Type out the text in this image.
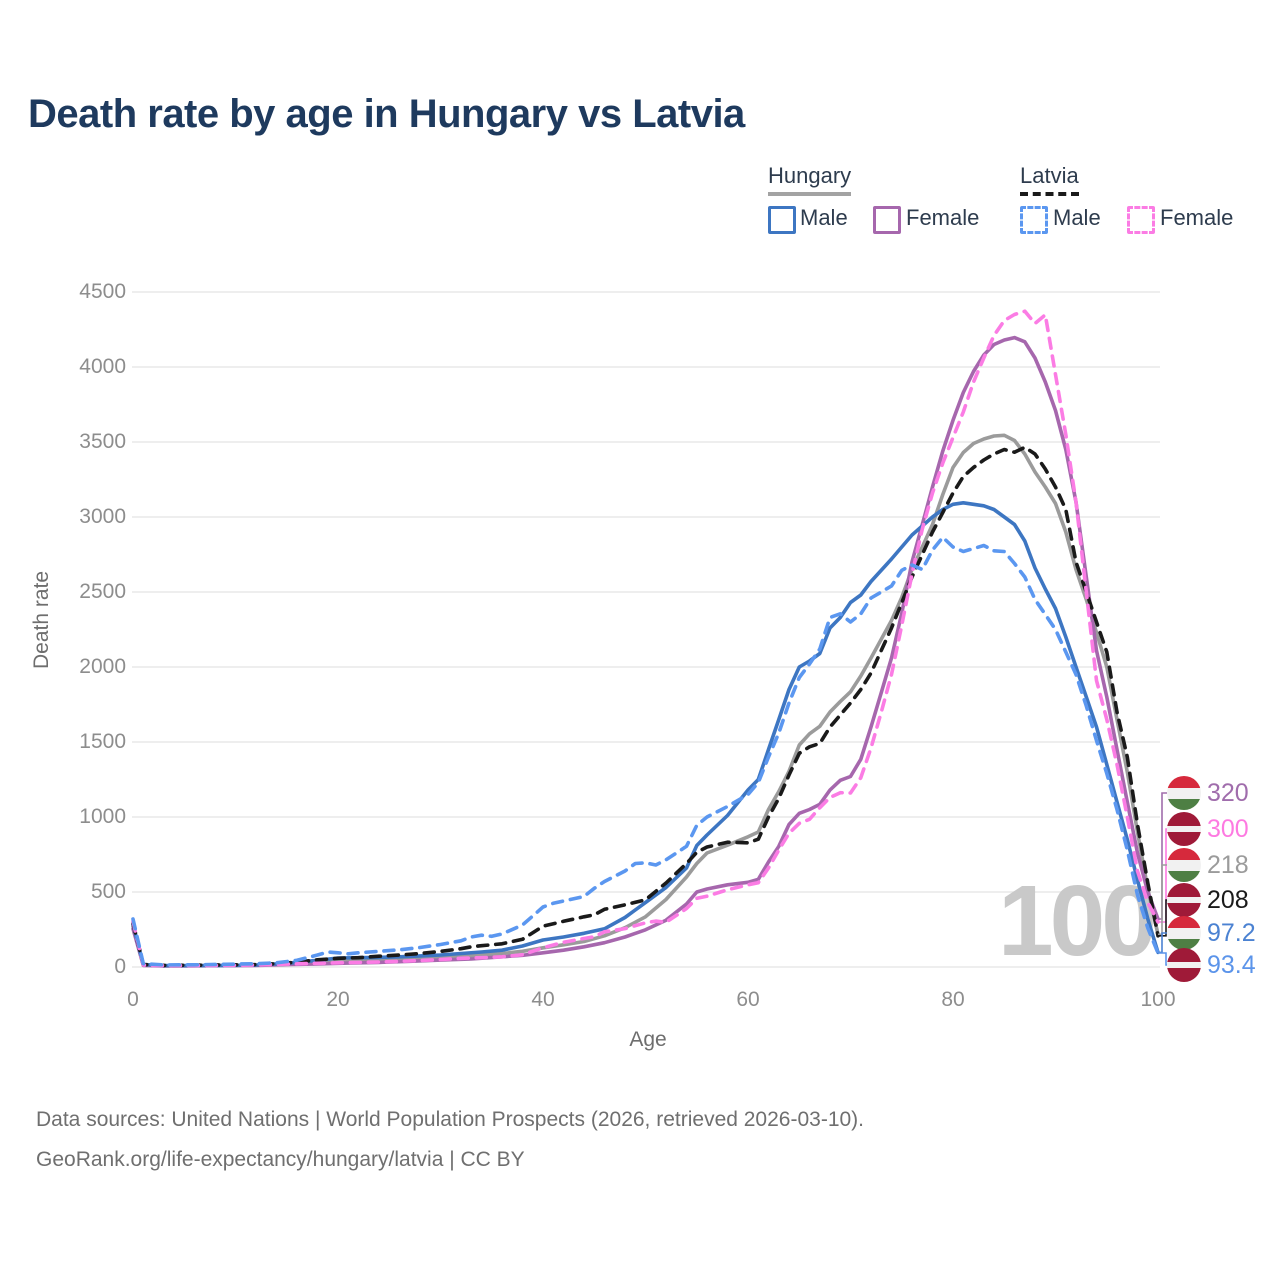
Death rate by age in Hungary vs Latvia
Hungary	Latvia
Male	Female	Male	Female
100
0
500
1000
1500
2000
2500
3000
3500
4000
4500
0	20	40	60	80	100
Age
Death rate
320
300
218
208
97.2
93.4
Data sources: United Nations | World Population Prospects (2026, retrieved 2026-03-10).
GeoRank.org/life-expectancy/hungary/latvia | CC BY
